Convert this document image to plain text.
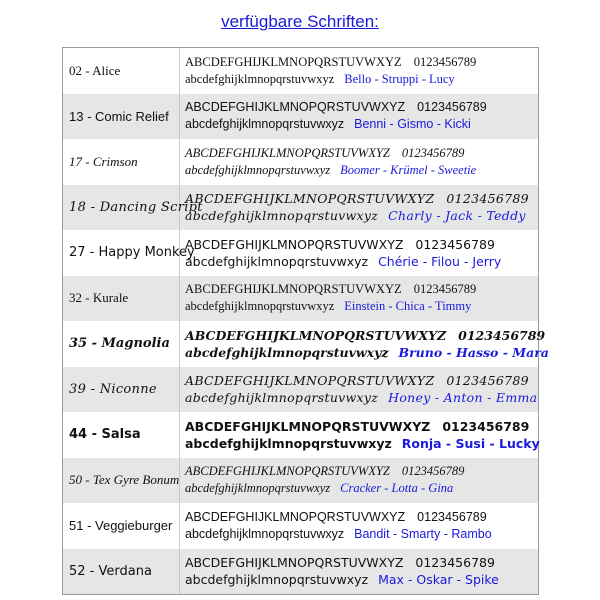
verfügbare Schriften:
02 - Alice
ABCDEFGHIJKLMNOPQRSTUVWXYZ 0123456789
abcdefghijklmnopqrstuvwxyz Bello - Struppi - Lucy
13 - Comic Relief
ABCDEFGHIJKLMNOPQRSTUVWXYZ 0123456789
abcdefghijklmnopqrstuvwxyz Benni - Gismo - Kicki
17 - Crimson
ABCDEFGHIJKLMNOPQRSTUVWXYZ 0123456789
abcdefghijklmnopqrstuvwxyz Boomer - Krümel - Sweetie
18 - Dancing Script
ABCDEFGHIJKLMNOPQRSTUVWXYZ 0123456789
abcdefghijklmnopqrstuvwxyz Charly - Jack - Teddy
27 - Happy Monkey
ABCDEFGHIJKLMNOPQRSTUVWXYZ 0123456789
abcdefghijklmnopqrstuvwxyz Chérie - Filou - Jerry
32 - Kurale
ABCDEFGHIJKLMNOPQRSTUVWXYZ 0123456789
abcdefghijklmnopqrstuvwxyz Einstein - Chica - Timmy
35 - Magnolia
ABCDEFGHIJKLMNOPQRSTUVWXYZ 0123456789
abcdefghijklmnopqrstuvwxyz Bruno - Hasso - Mara
39 - Niconne
ABCDEFGHIJKLMNOPQRSTUVWXYZ 0123456789
abcdefghijklmnopqrstuvwxyz Honey - Anton - Emma
44 - Salsa
ABCDEFGHIJKLMNOPQRSTUVWXYZ 0123456789
abcdefghijklmnopqrstuvwxyz Ronja - Susi - Lucky
50 - Tex Gyre Bonum
ABCDEFGHIJKLMNOPQRSTUVWXYZ 0123456789
abcdefghijklmnopqrstuvwxyz Cracker - Lotta - Gina
51 - Veggieburger
ABCDEFGHIJKLMNOPQRSTUVWXYZ 0123456789
abcdefghijklmnopqrstuvwxyz Bandit - Smarty - Rambo
52 - Verdana
ABCDEFGHIJKLMNOPQRSTUVWXYZ 0123456789
abcdefghijklmnopqrstuvwxyz Max - Oskar - Spike
